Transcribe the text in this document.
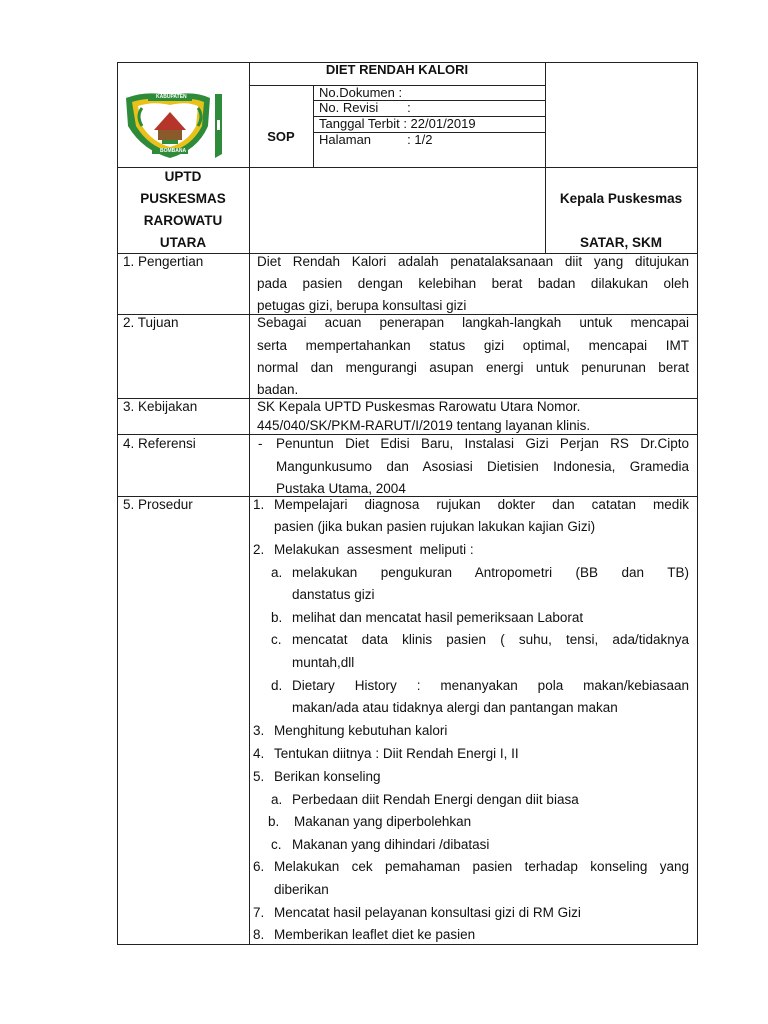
KABUPATEN
BOMBANA
DIET RENDAH KALORI
SOP
No.Dokumen :
No. Revisi        :
Tanggal Terbit : 22/01/2019
Halaman          : 1/2
UPTD
PUSKESMAS
RAROWATU
UTARA
Kepala Puskesmas
SATAR, SKM
1. Pengertian
2. Tujuan
3. Kebijakan
4. Referensi
5. Prosedur
Diet Rendah Kalori adalah penatalaksanaan diit yang ditujukan
pada pasien dengan kelebihan berat badan dilakukan oleh
petugas gizi, berupa konsultasi gizi
Sebagai acuan penerapan langkah-langkah untuk mencapai
serta mempertahankan status gizi optimal, mencapai IMT
normal dan mengurangi asupan energi untuk penurunan berat
badan.
SK Kepala UPTD Puskesmas Rarowatu Utara Nomor.
445/040/SK/PKM-RARUT/I/2019 tentang layanan klinis.
- Penuntun Diet Edisi Baru, Instalasi Gizi Perjan RS Dr.Cipto
Mangunkusumo dan Asosiasi Dietisien Indonesia, Gramedia
Pustaka Utama, 2004
1. Mempelajari diagnosa rujukan dokter dan catatan medik
pasien (jika bukan pasien rujukan lakukan kajian Gizi)
2. Melakukan  assesment  meliputi :
a. melakukan pengukuran Antropometri (BB dan TB)
danstatus gizi
b. melihat dan mencatat hasil pemeriksaan Laborat
c. mencatat data klinis pasien ( suhu, tensi, ada/tidaknya
muntah,dll
d. Dietary History : menanyakan pola makan/kebiasaan
makan/ada atau tidaknya alergi dan pantangan makan
3. Menghitung kebutuhan kalori
4. Tentukan diitnya : Diit Rendah Energi I, II
5. Berikan konseling
a. Perbedaan diit Rendah Energi dengan diit biasa
b. Makanan yang diperbolehkan
c. Makanan yang dihindari /dibatasi
6. Melakukan cek pemahaman pasien terhadap konseling yang
diberikan
7. Mencatat hasil pelayanan konsultasi gizi di RM Gizi
8. Memberikan leaflet diet ke pasien
